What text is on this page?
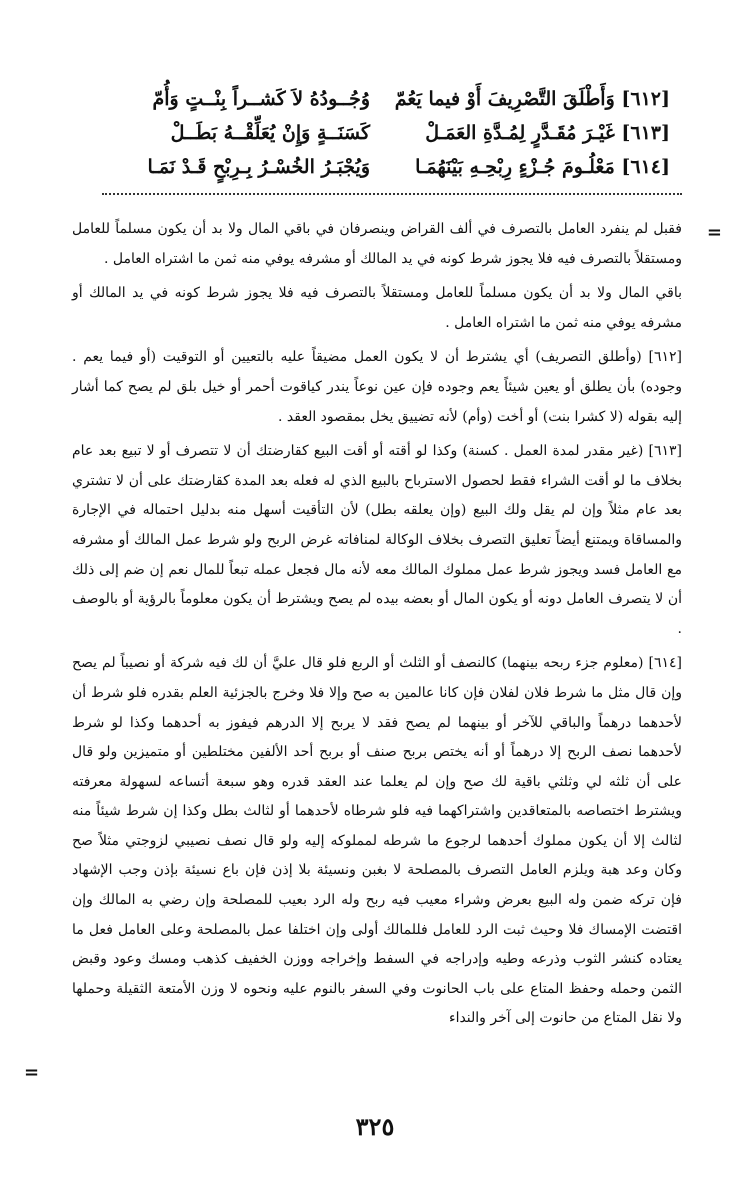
[٦١٢] وَأَطْلَقَ التَّصْرِيفَ أَوْ فيما يَعُمّ
وُجُــودُهُ لاَ كَشــراً بِنْــتٍ وَأُمّ
[٦١٣] غَيْـرَ مُقَـدَّرٍ لِمُـدَّةِ العَمَـلْ
كَسَنَــةٍ وَإِنْ يُعَلِّقْــهُ بَطَــلْ
[٦١٤] مَعْلُـومَ جُـزْءٍ رِبْحِـهِ بَيْنَهُمَـا
وَيُجْبَـرُ الخُسْـرُ بِـرِبْحٍ قَـدْ نَمَـا
=

فقبل لم ينفرد العامل بالتصرف في ألف القراض وينصرفان في باقي المال ولا بد أن يكون مسلماً للعامل ومستقلاً بالتصرف فيه فلا يجوز شرط كونه في يد المالك أو مشرفه يوفي منه ثمن ما اشتراه العامل .

باقي المال ولا بد أن يكون مسلماً للعامل ومستقلاً بالتصرف فيه فلا يجوز شرط كونه في يد المالك أو مشرفه يوفي منه ثمن ما اشتراه العامل .

[٦١٢] (وأطلق التصريف) أي يشترط أن لا يكون العمل مضيقاً عليه بالتعيين أو التوقيت (أو فيما يعم . وجوده) بأن يطلق أو يعين شيئاً يعم وجوده فإن عين نوعاً يندر كياقوت أحمر أو خيل بلق لم يصح كما أشار إليه بقوله (لا كشرا بنت) أو أخت (وأم) لأنه تضييق يخل بمقصود العقد .

[٦١٣] (غير مقدر لمدة العمل . كسنة) وكذا لو أقته أو أقت البيع كقارضتك أن لا تتصرف أو لا تبيع بعد عام بخلاف ما لو أقت الشراء فقط لحصول الاسترباح بالبيع الذي له فعله بعد المدة كقارضتك على أن لا تشتري بعد عام مثلاً وإن لم يقل ولك البيع (وإن يعلقه بطل) لأن التأقيت أسهل منه بدليل احتماله في الإجارة والمساقاة ويمتنع أيضاً تعليق التصرف بخلاف الوكالة لمنافاته غرض الربح ولو شرط عمل المالك أو مشرفه مع العامل فسد ويجوز شرط عمل مملوك المالك معه لأنه مال فجعل عمله تبعاً للمال نعم إن ضم إلى ذلك أن لا يتصرف العامل دونه أو يكون المال أو بعضه بيده لم يصح ويشترط أن يكون معلوماً بالرؤية أو بالوصف .

[٦١٤] (معلوم جزء ربحه بينهما) كالنصف أو الثلث أو الربع فلو قال عليَّ أن لك فيه شركة أو نصيباً لم يصح وإن قال مثل ما شرط فلان لفلان فإن كانا عالمين به صح وإلا فلا وخرج بالجزئية العلم بقدره فلو شرط أن لأحدهما درهماً والباقي للآخر أو بينهما لم يصح فقد لا يربح إلا الدرهم فيفوز به أحدهما وكذا لو شرط لأحدهما نصف الربح إلا درهماً أو أنه يختص بربح صنف أو بربح أحد الألفين مختلطين أو متميزين ولو قال على أن ثلثه لي وثلثي باقية لك صح وإن لم يعلما عند العقد قدره وهو سبعة أتساعه لسهولة معرفته ويشترط اختصاصه بالمتعاقدين واشتراكهما فيه فلو شرطاه لأحدهما أو لثالث بطل وكذا إن شرط شيئاً منه لثالث إلا أن يكون مملوك أحدهما لرجوع ما شرطه لمملوكه إليه ولو قال نصف نصيبي لزوجتي مثلاً صح وكان وعد هبة ويلزم العامل التصرف بالمصلحة لا بغبن ونسيئة بلا إذن فإن باع نسيئة بإذن وجب الإشهاد فإن تركه ضمن وله البيع بعرض وشراء معيب فيه ربح وله الرد بعيب للمصلحة وإن رضي به المالك وإن اقتضت الإمساك فلا وحيث ثبت الرد للعامل فللمالك أولى وإن اختلفا عمل بالمصلحة وعلى العامل فعل ما يعتاده كنشر الثوب وذرعه وطيه وإدراجه في السفط وإخراجه ووزن الخفيف كذهب ومسك وعود وقبض الثمن وحمله وحفظ المتاع على باب الحانوت وفي السفر بالنوم عليه ونحوه لا وزن الأمتعة الثقيلة وحملها ولا نقل المتاع من حانوت إلى آخر والنداء

=
٣٢٥
